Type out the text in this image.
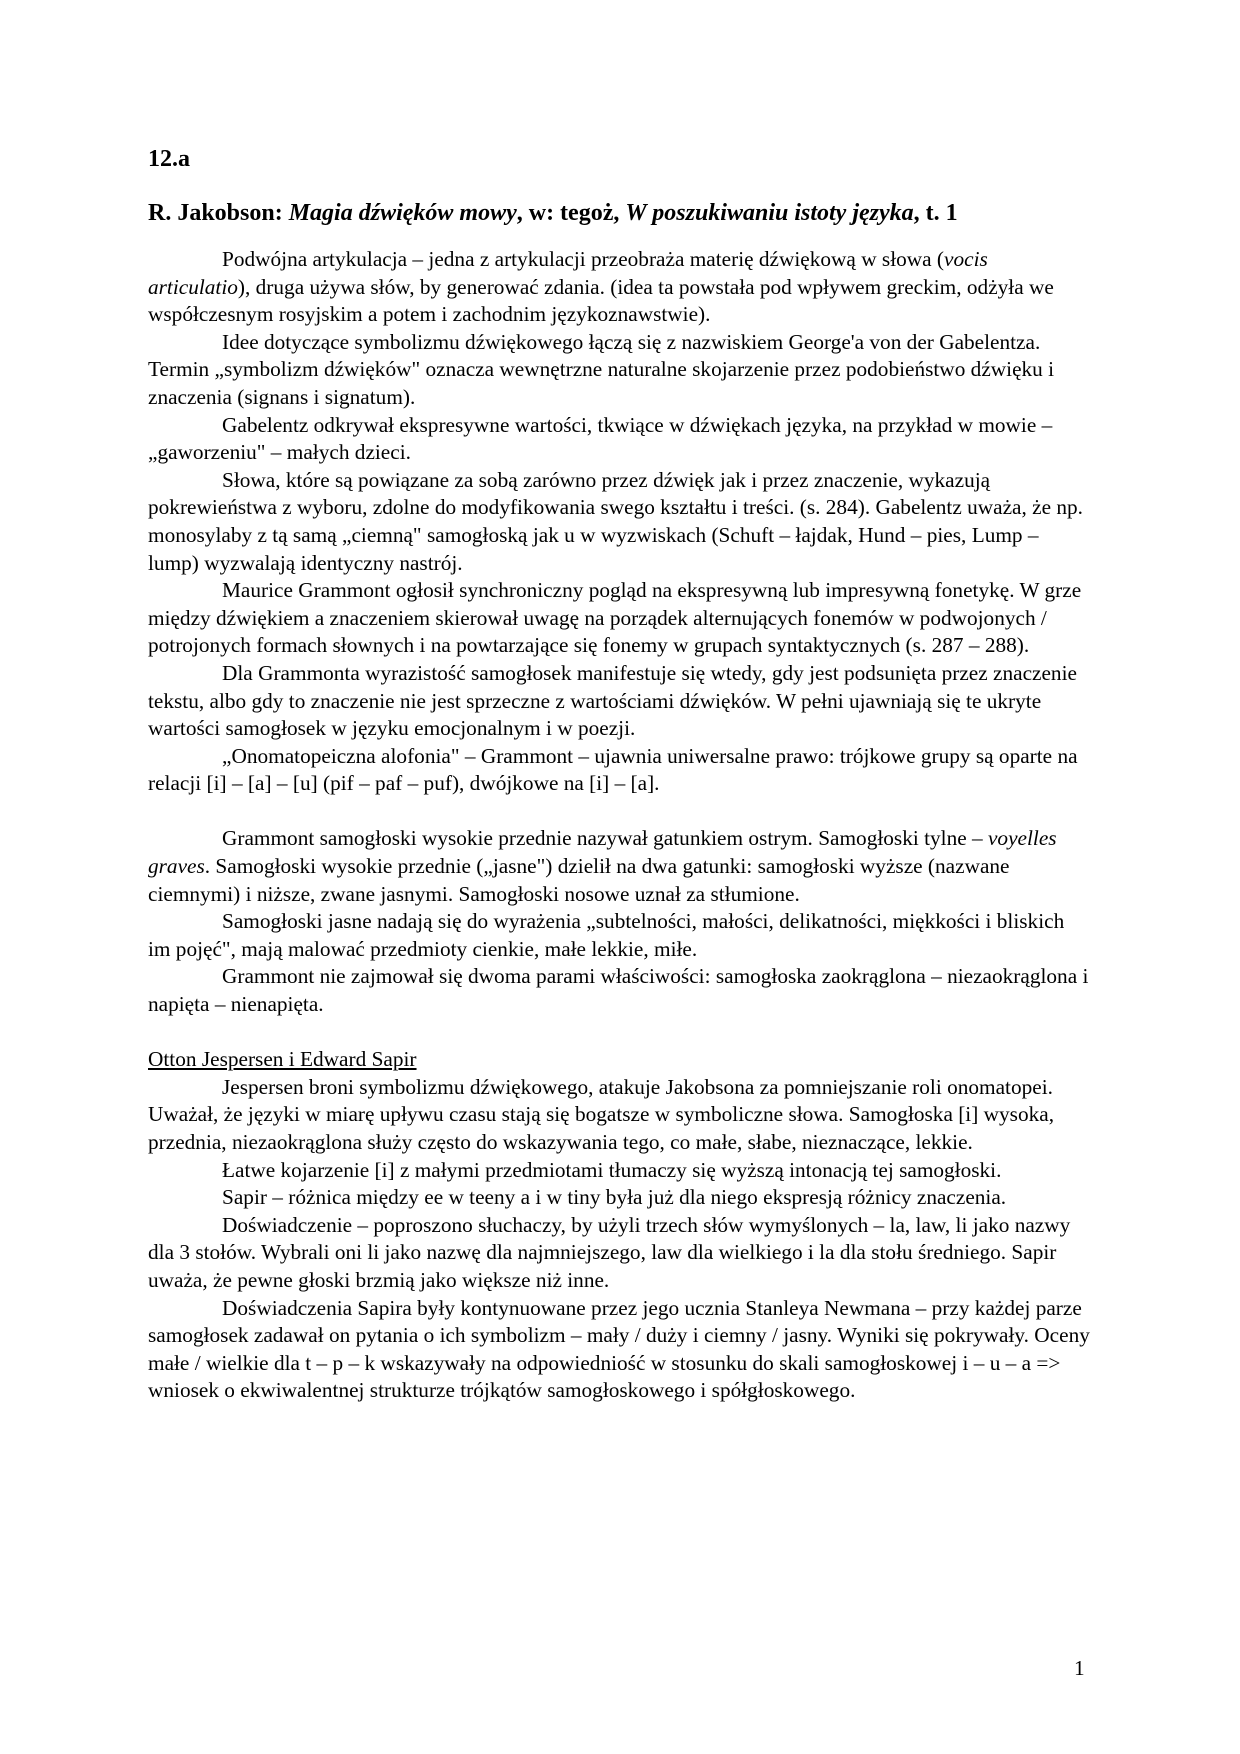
12.a
R. Jakobson: Magia dźwięków mowy, w: tegoż, W poszukiwaniu istoty języka, t. 1

Podwójna artykulacja – jedna z artykulacji przeobraża materię dźwiękową w słowa (vocis articulatio), druga używa słów, by generować zdania. (idea ta powstała pod wpływem greckim, odżyła we współczesnym rosyjskim a potem i zachodnim językoznawstwie).

Idee dotyczące symbolizmu dźwiękowego łączą się z nazwiskiem George'a von der Gabelentza. Termin „symbolizm dźwięków" oznacza wewnętrzne naturalne skojarzenie przez podobieństwo dźwięku i znaczenia (signans i signatum).

Gabelentz odkrywał ekspresywne wartości, tkwiące w dźwiękach języka, na przykład w mowie – „gaworzeniu" – małych dzieci.

Słowa, które są powiązane za sobą zarówno przez dźwięk jak i przez znaczenie, wykazują pokrewieństwa z wyboru, zdolne do modyfikowania swego kształtu i treści. (s. 284). Gabelentz uważa, że np. monosylaby z tą samą „ciemną" samogłoską jak u w wyzwiskach (Schuft – łajdak, Hund – pies, Lump – lump) wyzwalają identyczny nastrój.

Maurice Grammont ogłosił synchroniczny pogląd na ekspresywną lub impresywną fonetykę. W grze między dźwiękiem a znaczeniem skierował uwagę na porządek alternujących fonemów w podwojonych / potrojonych formach słownych i na powtarzające się fonemy w grupach syntaktycznych (s. 287 – 288).

Dla Grammonta wyrazistość samogłosek manifestuje się wtedy, gdy jest podsunięta przez znaczenie tekstu, albo gdy to znaczenie nie jest sprzeczne z wartościami dźwięków. W pełni ujawniają się te ukryte wartości samogłosek w języku emocjonalnym i w poezji.

„Onomatopeiczna alofonia" – Grammont – ujawnia uniwersalne prawo: trójkowe grupy są oparte na relacji [i] – [a] – [u] (pif – paf – puf), dwójkowe na [i] – [a].

Grammont samogłoski wysokie przednie nazywał gatunkiem ostrym. Samogłoski tylne – voyelles graves. Samogłoski wysokie przednie („jasne") dzielił na dwa gatunki: samogłoski wyższe (nazwane ciemnymi) i niższe, zwane jasnymi. Samogłoski nosowe uznał za stłumione.

Samogłoski jasne nadają się do wyrażenia „subtelności, małości, delikatności, miękkości i bliskich im pojęć", mają malować przedmioty cienkie, małe lekkie, miłe.

Grammont nie zajmował się dwoma parami właściwości: samogłoska zaokrąglona – niezaokrąglona i napięta – nienapięta.

Otton Jespersen i Edward Sapir

Jespersen broni symbolizmu dźwiękowego, atakuje Jakobsona za pomniejszanie roli onomatopei. Uważał, że języki w miarę upływu czasu stają się bogatsze w symboliczne słowa. Samogłoska [i] wysoka, przednia, niezaokrąglona służy często do wskazywania tego, co małe, słabe, nieznaczące, lekkie.

Łatwe kojarzenie [i] z małymi przedmiotami tłumaczy się wyższą intonacją tej samogłoski.

Sapir – różnica między ee w teeny a i w tiny była już dla niego ekspresją różnicy znaczenia.

Doświadczenie – poproszono słuchaczy, by użyli trzech słów wymyślonych – la, law, li jako nazwy dla 3 stołów. Wybrali oni li jako nazwę dla najmniejszego, law dla wielkiego i la dla stołu średniego. Sapir uważa, że pewne głoski brzmią jako większe niż inne.

Doświadczenia Sapira były kontynuowane przez jego ucznia Stanleya Newmana – przy każdej parze samogłosek zadawał on pytania o ich symbolizm – mały / duży i ciemny / jasny. Wyniki się pokrywały. Oceny małe / wielkie dla t – p – k wskazywały na odpowiedniość w stosunku do skali samogłoskowej i – u – a => wniosek o ekwiwalentnej strukturze trójkątów samogłoskowego i spółgłoskowego.

1
